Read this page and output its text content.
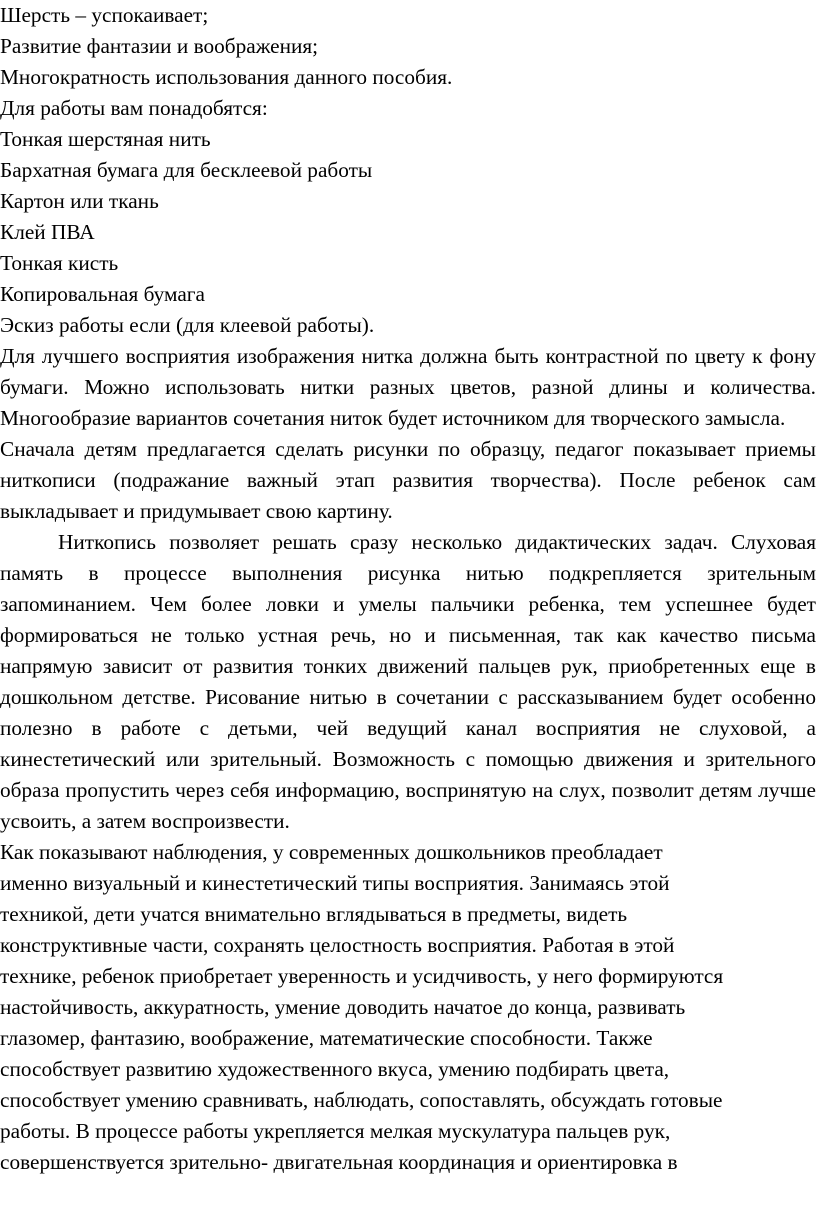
Шерсть – успокаивает;

Развитие фантазии и воображения;

Многократность использования данного пособия.

Для работы вам понадобятся:

Тонкая шерстяная нить

Бархатная бумага для бесклеевой работы

Картон или ткань

Клей ПВА

Тонкая кисть

Копировальная бумага

Эскиз работы если (для клеевой работы).

Для лучшего восприятия изображения нитка должна быть контрастной по цвету к фону бумаги. Можно использовать нитки разных цветов, разной длины и количества. Многообразие вариантов сочетания ниток будет источником для творческого замысла.

Сначала детям предлагается сделать рисунки по образцу, педагог показывает приемы ниткописи (подражание важный этап развития творчества). После ребенок сам выкладывает и придумывает свою картину.

Ниткопись позволяет решать сразу несколько дидактических задач. Слуховая память в процессе выполнения рисунка нитью подкрепляется зрительным запоминанием. Чем более ловки и умелы пальчики ребенка, тем успешнее будет формироваться не только устная речь, но и письменная, так как качество письма напрямую зависит от развития тонких движений пальцев рук, приобретенных еще в дошкольном детстве. Рисование нитью в сочетании с рассказыванием будет особенно полезно в работе с детьми, чей ведущий канал восприятия не слуховой, а кинестетический или зрительный. Возможность с помощью движения и зрительного образа пропустить через себя информацию, воспринятую на слух, позволит детям лучше усвоить, а затем воспроизвести.

Как показывают наблюдения, у современных дошкольников преобладает

именно визуальный и кинестетический типы восприятия. Занимаясь этой

техникой, дети учатся внимательно вглядываться в предметы, видеть

конструктивные части, сохранять целостность восприятия. Работая в этой

технике, ребенок приобретает уверенность и усидчивость, у него формируются

настойчивость, аккуратность, умение доводить начатое до конца, развивать

глазомер, фантазию, воображение, математические способности. Также

способствует развитию художественного вкуса, умению подбирать цвета,

способствует умению сравнивать, наблюдать, сопоставлять, обсуждать готовые

работы. В процессе работы укрепляется мелкая мускулатура пальцев рук,

совершенствуется зрительно- двигательная координация и ориентировка в
